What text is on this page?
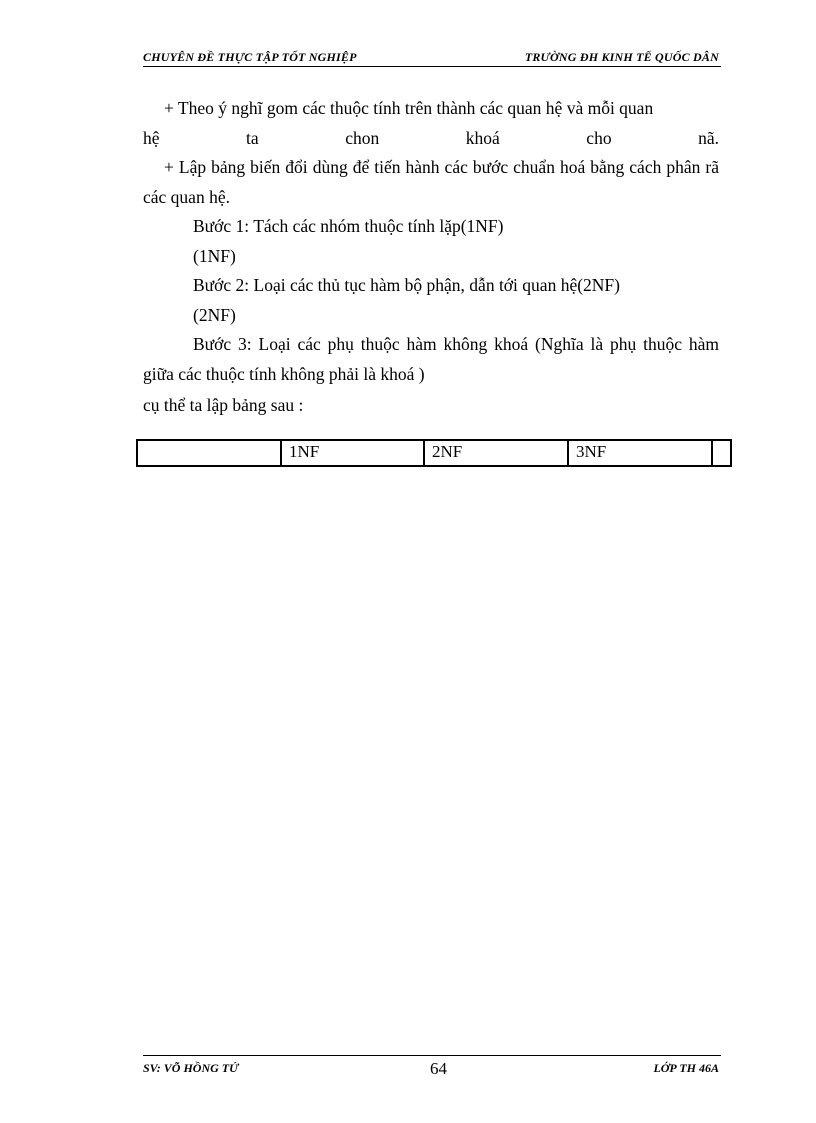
CHUYÊN ĐỀ THỰC TẬP TỐT NGHIỆP	TRƯỜNG ĐH KINH TẾ QUỐC DÂN

+ Theo ý nghĩ gom các thuộc tính trên thành các quan hệ và mỗi quan

hệ	ta	chon	khoá	cho	nã.

+ Lập bảng biến đổi dùng để tiến hành các bước chuẩn hoá bằng cách phân rã các quan hệ.

Bước 1: Tách các nhóm thuộc tính lặp(1NF)

(1NF)

Bước 2: Loại các thủ tục hàm bộ phận, dẫn tới quan hệ(2NF)

(2NF)

Bước 3: Loại các phụ thuộc hàm không khoá (Nghĩa là phụ thuộc hàm giữa các thuộc tính không phải là khoá )

cụ thể ta lập bảng sau :

	1NF	2NF	3NF	
SV: VÕ HỒNG TỨ	64	LỚP TH 46A
